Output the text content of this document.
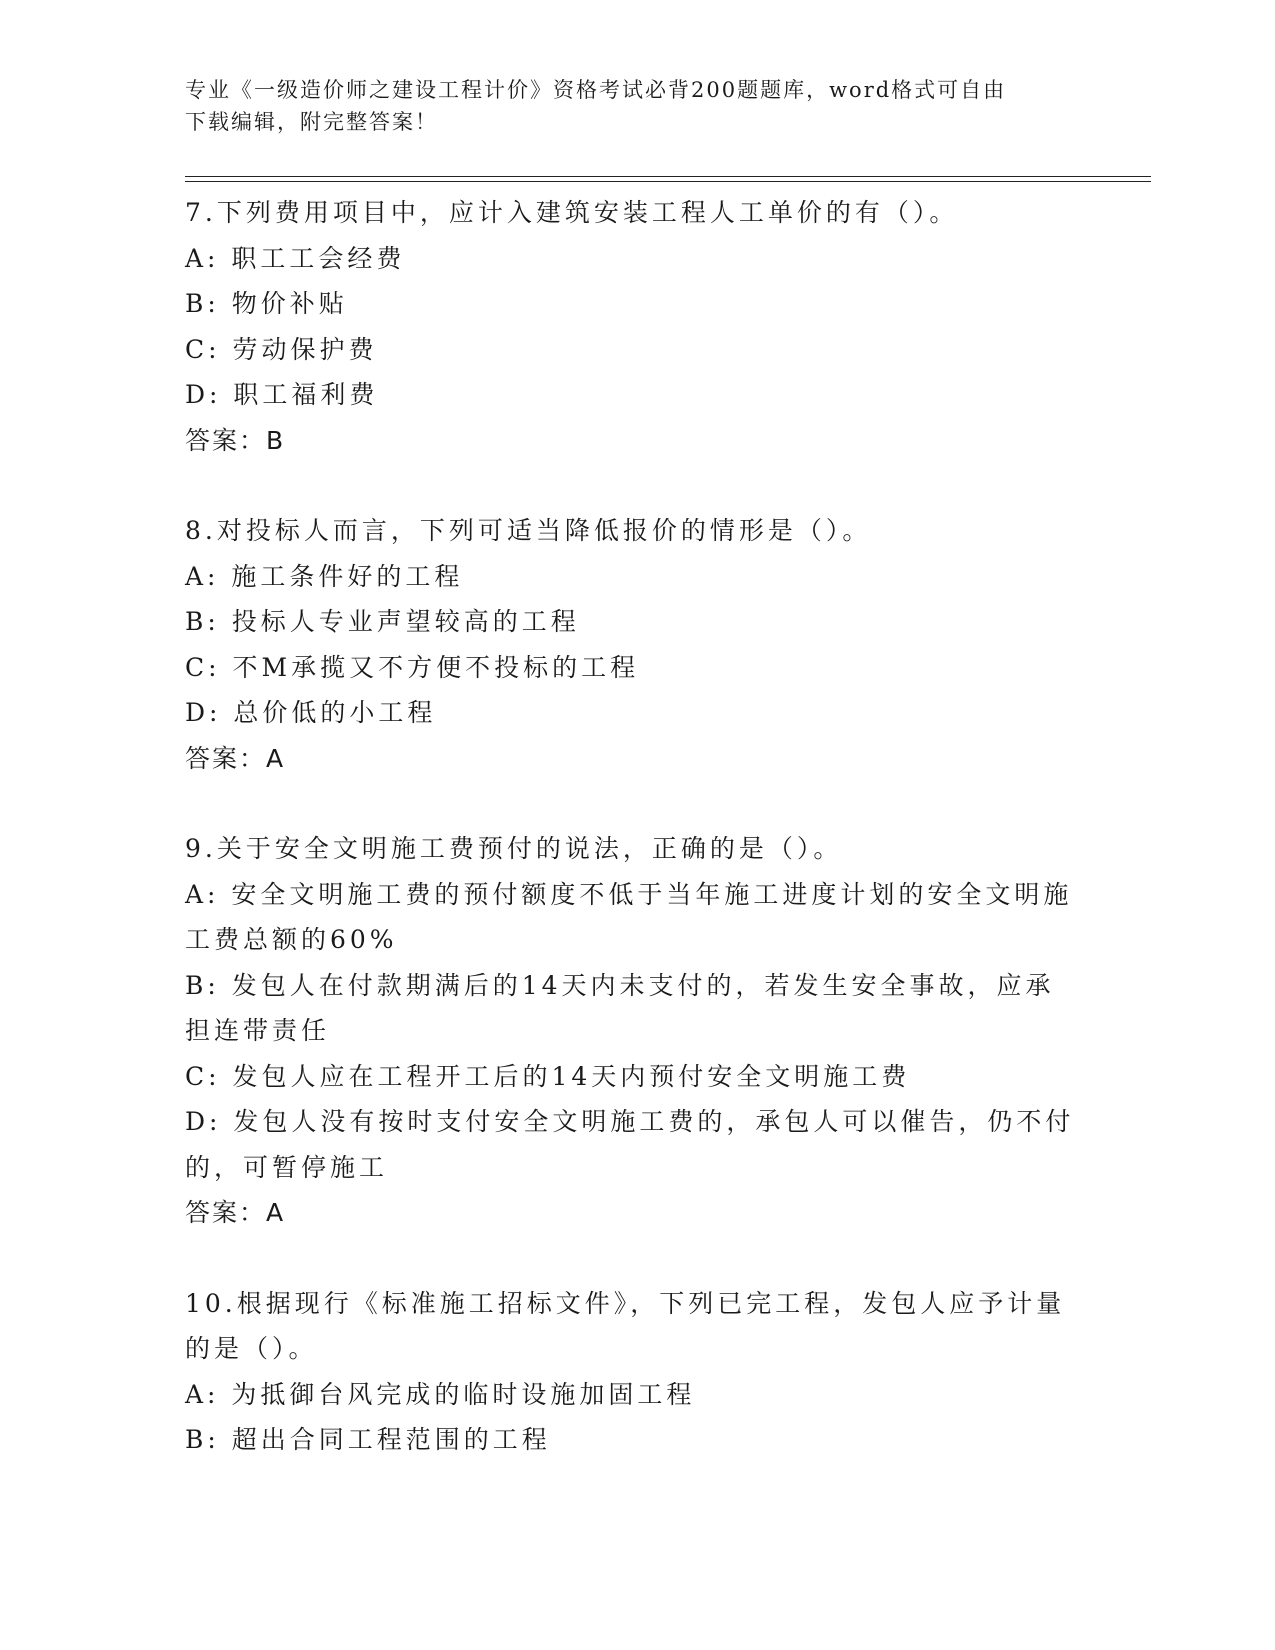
专业《一级造价师之建设工程计价》资格考试必背200题题库，word格式可自由
下载编辑，附完整答案！

7.下列费用项目中，应计入建筑安装工程人工单价的有（）。

A: 职工工会经费

B: 物价补贴

C: 劳动保护费

D: 职工福利费

答案：B

8.对投标人而言，下列可适当降低报价的情形是（）。

A: 施工条件好的工程

B: 投标人专业声望较高的工程

C: 不M承揽又不方便不投标的工程

D: 总价低的小工程

答案：A

9.关于安全文明施工费预付的说法，正确的是（）。

A: 安全文明施工费的预付额度不低于当年施工进度计划的安全文明施

工费总额的60%

B: 发包人在付款期满后的14天内未支付的，若发生安全事故，应承

担连带责任

C: 发包人应在工程开工后的14天内预付安全文明施工费

D: 发包人没有按时支付安全文明施工费的，承包人可以催告，仍不付

的，可暂停施工

答案：A

10.根据现行《标准施工招标文件》，下列已完工程，发包人应予计量

的是（）。

A: 为抵御台风完成的临时设施加固工程

B: 超出合同工程范围的工程
